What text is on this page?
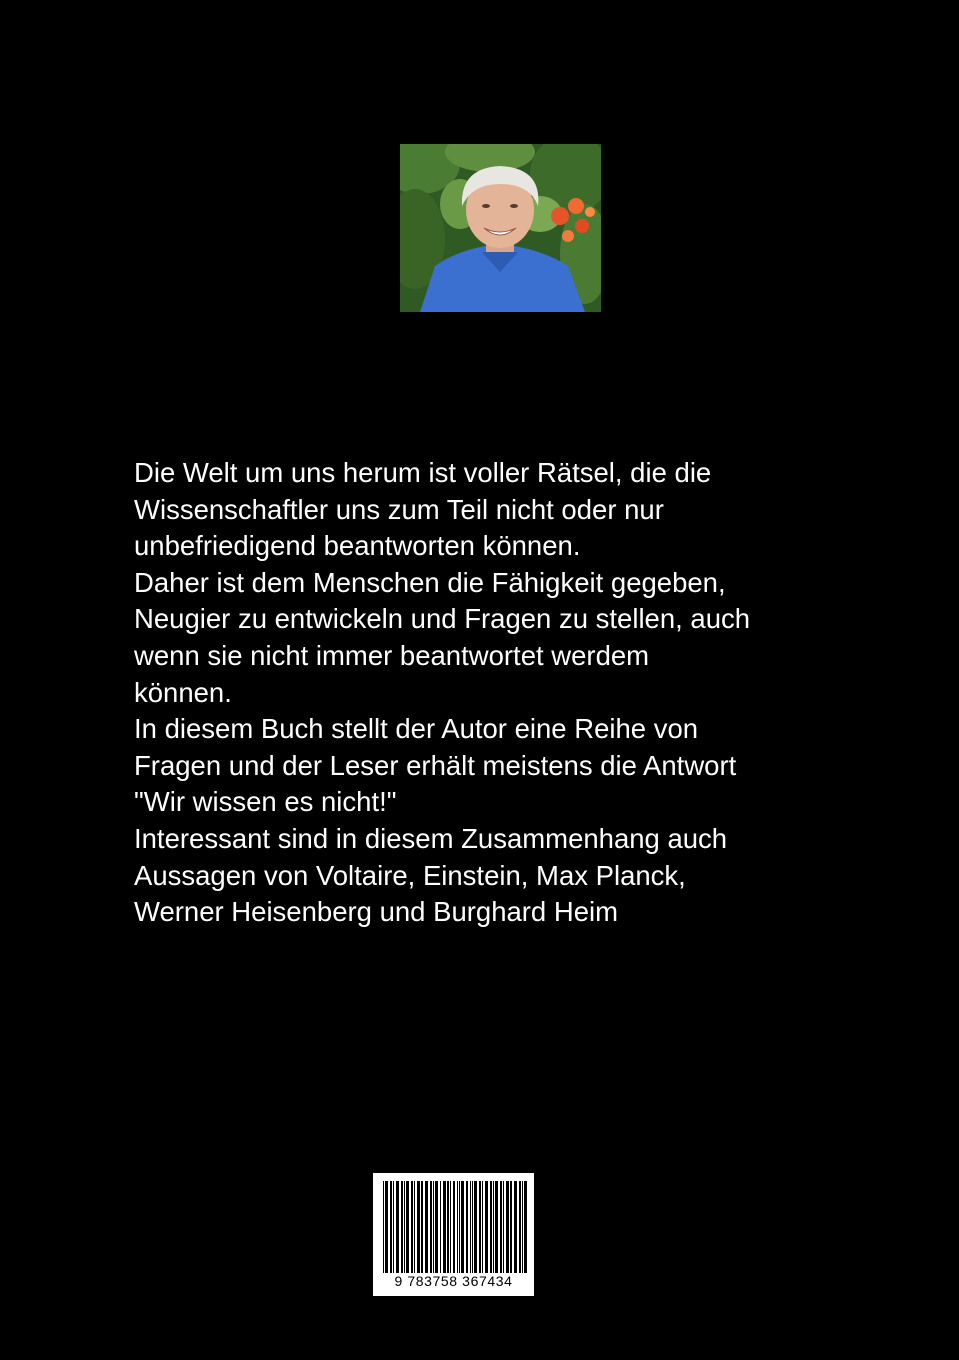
Die Welt um uns herum ist voller Rätsel, die die

Wissenschaftler uns zum Teil nicht oder nur

unbefriedigend beantworten können.

Daher ist dem Menschen die Fähigkeit gegeben,

Neugier zu entwickeln und Fragen zu stellen, auch

wenn sie nicht immer beantwortet werdem

können.

In diesem Buch stellt der Autor eine Reihe von

Fragen und der Leser erhält meistens die Antwort

"Wir wissen es nicht!"

Interessant sind in diesem Zusammenhang auch

Aussagen von Voltaire, Einstein, Max Planck,

Werner Heisenberg und Burghard Heim

9 783758 367434
